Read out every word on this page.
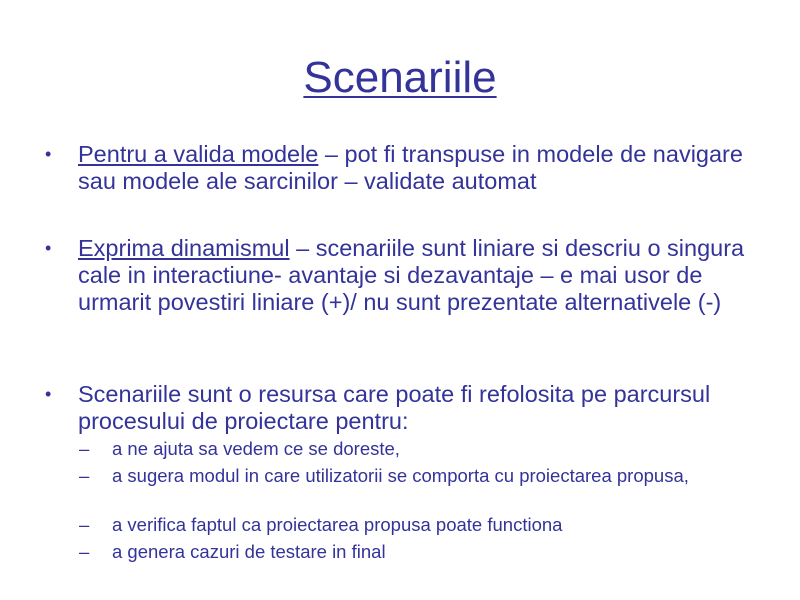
Scenariile
• Pentru a valida modele – pot fi transpuse in modele de navigare sau modele ale sarcinilor – validate automat
• Exprima dinamismul – scenariile sunt liniare si descriu o singura cale in interactiune- avantaje si dezavantaje – e mai usor de urmarit povestiri liniare (+)/ nu sunt prezentate alternativele (-)
• Scenariile sunt o resursa care poate fi refolosita pe parcursul procesului de proiectare pentru:
– a ne ajuta sa vedem ce se doreste,
– a sugera modul in care utilizatorii se comporta cu proiectarea propusa,
– a verifica faptul ca proiectarea propusa poate functiona
– a genera cazuri de testare in final
